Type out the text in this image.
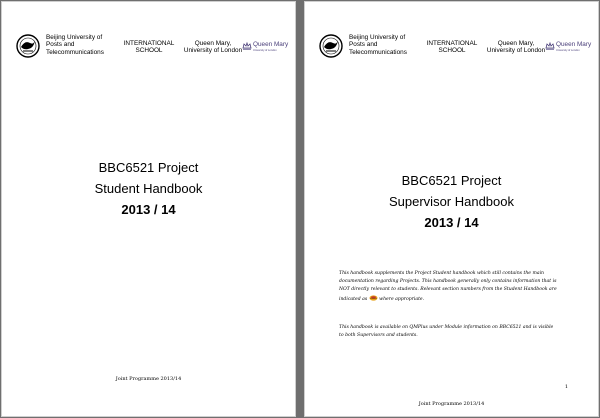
Beijing University of
Posts and
Telecommunications
INTERNATIONAL
SCHOOL
Queen Mary,
University of London
Queen Mary
University of London
BBC6521 Project
Student Handbook
2013 / 14
Joint Programme 2013/14
Beijing University of
Posts and
Telecommunications
INTERNATIONAL
SCHOOL
Queen Mary,
University of London
Queen Mary
University of London
BBC6521 Project
Supervisor Handbook
2013 / 14
This handbook supplements the Project Student handbook which still contains the main
documentation regarding Projects. This handbook generally only contains information that is
NOT directly relevant to students. Relevant section numbers from the Student Handbook are
indicated as	where appropriate.
This handbook is available on QMPlus under Module information on BBC6521 and is visible
to both Supervisors and students.
1
Joint Programme 2013/14
